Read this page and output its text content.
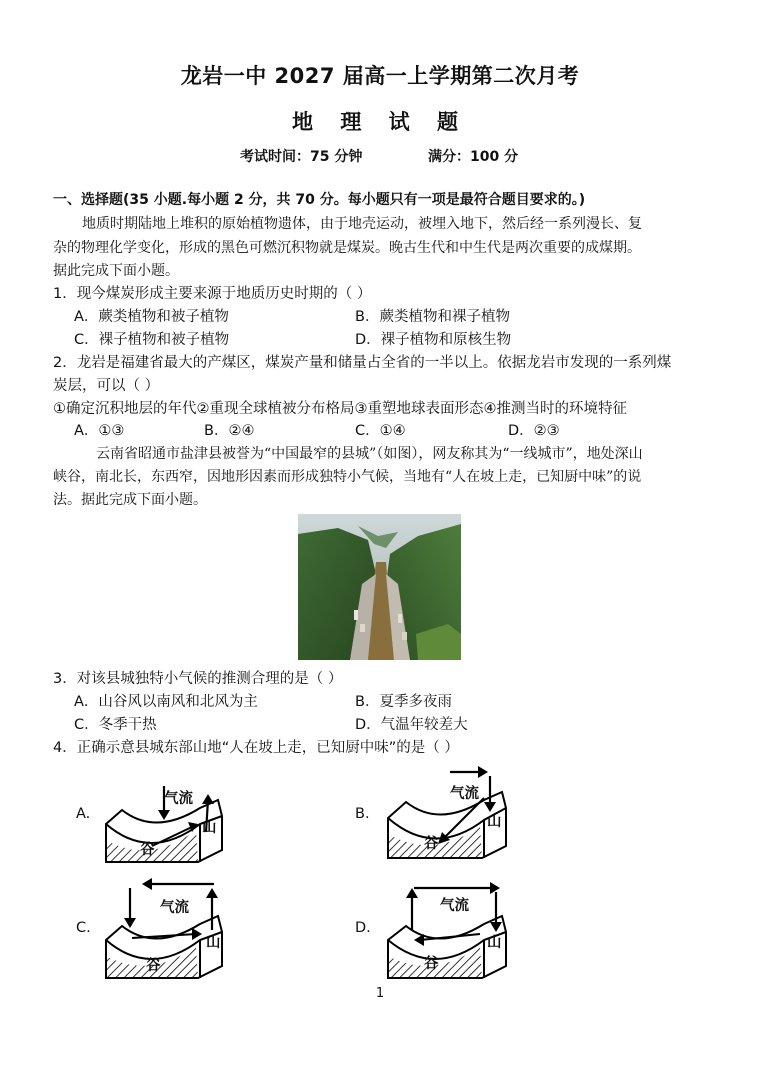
龙岩一中 2027 届高一上学期第二次月考
地 理 试 题
考试时间：75 分钟	满分：100 分
一、选择题(35 小题.每小题 2 分，共 70 分。每小题只有一项是最符合题目要求的。)
地质时期陆地上堆积的原始植物遗体，由于地壳运动，被埋入地下，然后经一系列漫长、复
杂的物理化学变化，形成的黑色可燃沉积物就是煤炭。晚古生代和中生代是两次重要的成煤期。
据此完成下面小题。
1．现今煤炭形成主要来源于地质历史时期的（ ）
A．蕨类植物和被子植物	B．蕨类植物和裸子植物
C．裸子植物和被子植物	D．裸子植物和原核生物
2．龙岩是福建省最大的产煤区，煤炭产量和储量占全省的一半以上。依据龙岩市发现的一系列煤
炭层，可以（ ）
①确定沉积地层的年代②重现全球植被分布格局③重塑地球表面形态④推测当时的环境特征
A．①③	B．②④	C．①④	D．②③
云南省昭通市盐津县被誉为“中国最窄的县城”（如图），网友称其为“一线城市”，地处深山
峡谷，南北长，东西窄，因地形因素而形成独特小气候，当地有“人在坡上走，已知厨中味”的说
法。据此完成下面小题。
3．对该县城独特小气候的推测合理的是（ ）
A．山谷风以南风和北风为主	B．夏季多夜雨
C．冬季干热	D．气温年较差大
4．正确示意县城东部山地“人在坡上走，已知厨中味”的是（ ）
A.
气流
谷
山
B.
气流
谷
山
C.
气流
谷
山
D.
气流
谷
山
1
